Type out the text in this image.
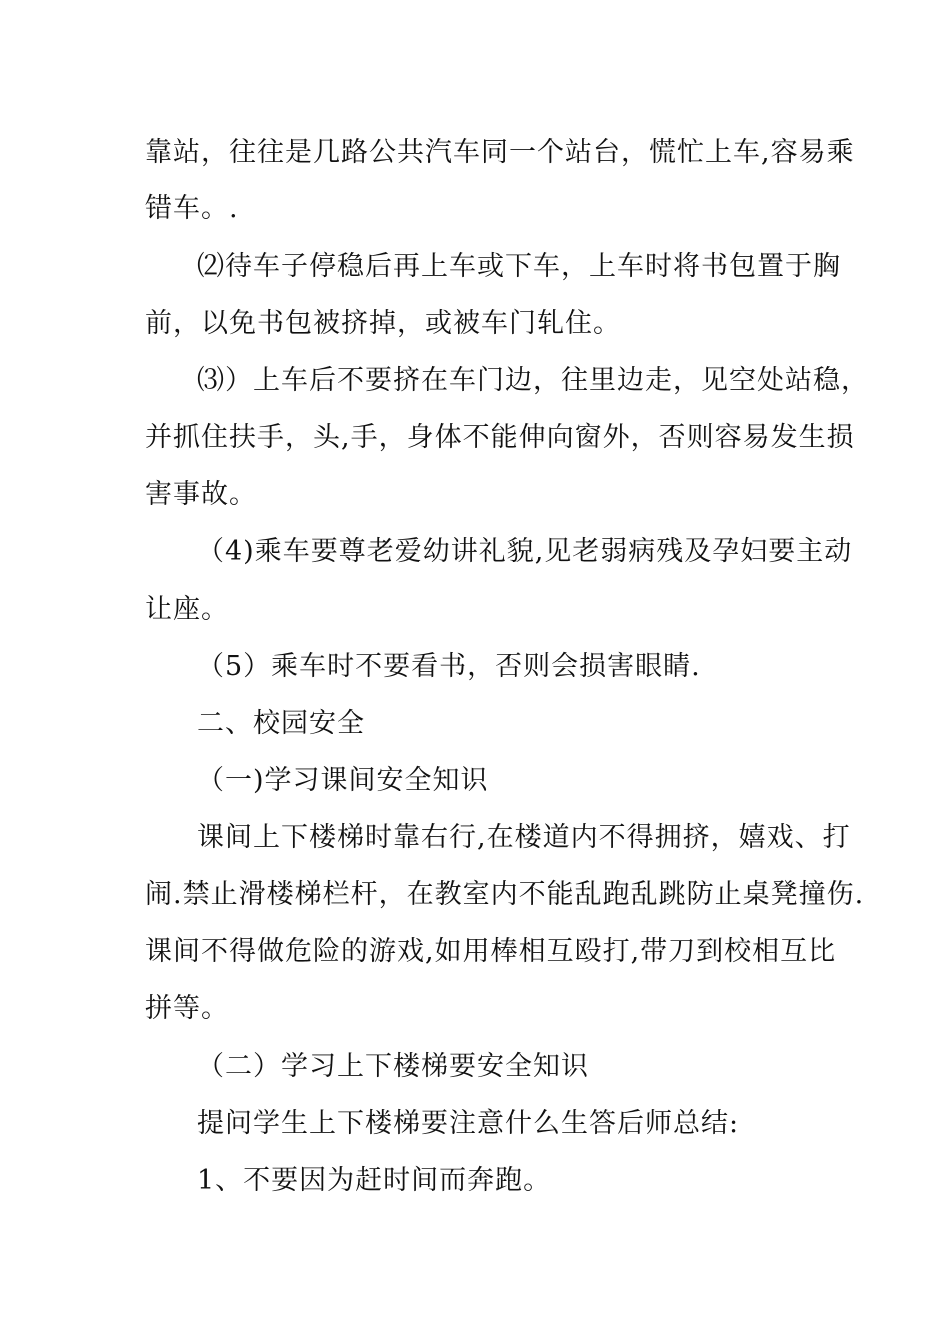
靠站，往往是几路公共汽车同一个站台，慌忙上车,容易乘
错车。.
⑵待车子停稳后再上车或下车，上车时将书包置于胸
前，以免书包被挤掉，或被车门轧住。
⑶）上车后不要挤在车门边，往里边走，见空处站稳，
并抓住扶手，头,手，身体不能伸向窗外，否则容易发生损
害事故。
（4)乘车要尊老爱幼讲礼貌,见老弱病残及孕妇要主动
让座。
（5）乘车时不要看书，否则会损害眼睛.
二、校园安全
（一)学习课间安全知识
课间上下楼梯时靠右行,在楼道内不得拥挤，嬉戏、打
闹.禁止滑楼梯栏杆，在教室内不能乱跑乱跳防止桌凳撞伤.
课间不得做危险的游戏,如用棒相互殴打,带刀到校相互比
拼等。
（二）学习上下楼梯要安全知识
提问学生上下楼梯要注意什么生答后师总结:
1、不要因为赶时间而奔跑。
